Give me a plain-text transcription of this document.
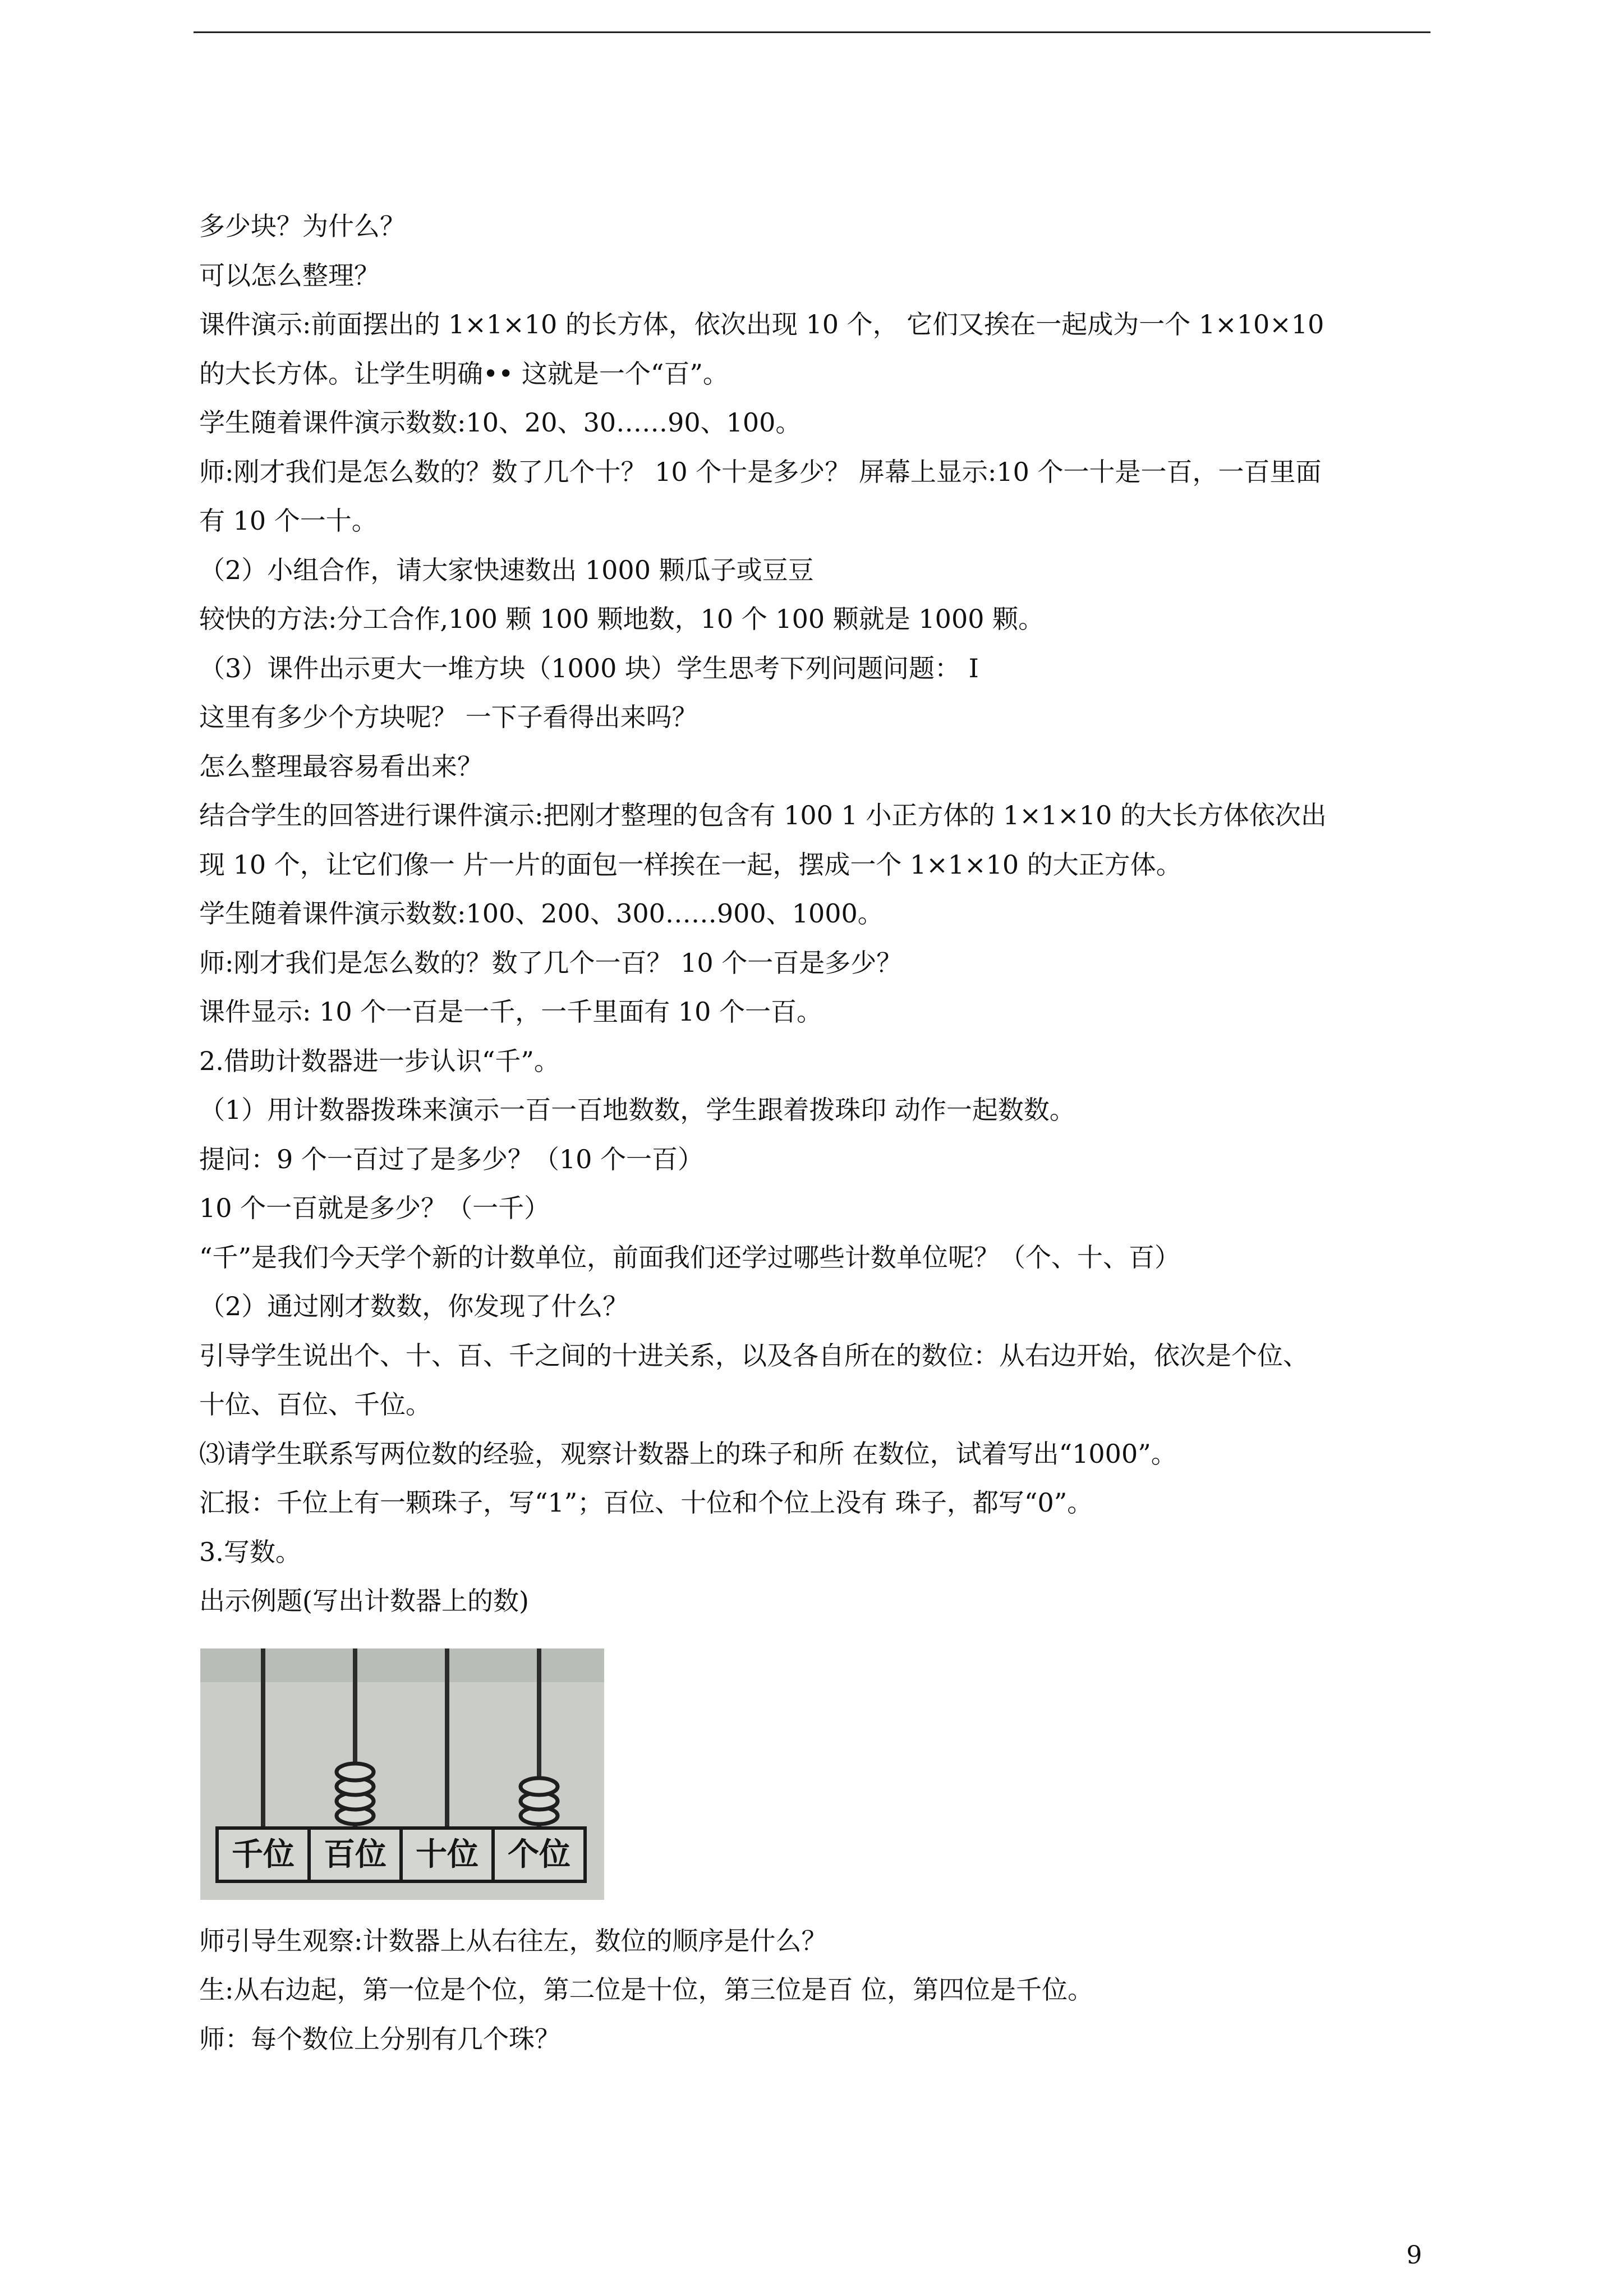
多少块？为什么？

可以怎么整理？

课件演示:前面摆出的 1×1×10 的长方体，依次出现 10 个， 它们又挨在一起成为一个 1×10×10

的大长方体。让学生明确•• 这就是一个“百”。

学生随着课件演示数数:10、20、30……90、100。

师:刚才我们是怎么数的？数了几个十？ 10 个十是多少？ 屏幕上显示:10 个一十是一百，一百里面

有 10 个一十。

（2）小组合作，请大家快速数出 1000 颗瓜子或豆豆

较快的方法:分工合作,100 颗 100 颗地数，10 个 100 颗就是 1000 颗。

（3）课件出示更大一堆方块（1000 块）学生思考下列问题问题： I

这里有多少个方块呢？ 一下子看得出来吗？

怎么整理最容易看出来？

结合学生的回答进行课件演示:把刚才整理的包含有 100 1 小正方体的 1×1×10 的大长方体依次出

现 10 个，让它们像一 片一片的面包一样挨在一起，摆成一个 1×1×10 的大正方体。

学生随着课件演示数数:100、200、300……900、1000。

师:刚才我们是怎么数的？数了几个一百？ 10 个一百是多少？

课件显示: 10 个一百是一千，一千里面有 10 个一百。

2.借助计数器进一步认识“千”。

（1）用计数器拨珠来演示一百一百地数数，学生跟着拨珠印 动作一起数数。

提问：9 个一百过了是多少？（10 个一百）

10 个一百就是多少？（一千）

“千”是我们今天学个新的计数单位，前面我们还学过哪些计数单位呢？（个、十、百）

（2）通过刚才数数，你发现了什么？

引导学生说出个、十、百、千之间的十进关系，以及各自所在的数位：从右边开始，依次是个位、

十位、百位、千位。

⑶请学生联系写两位数的经验，观察计数器上的珠子和所 在数位，试着写出“1000”。

汇报：千位上有一颗珠子，写“1”；百位、十位和个位上没有 珠子，都写“0”。

3.写数。

出示例题(写出计数器上的数)

千位 百位 十位 个位

师引导生观察:计数器上从右往左，数位的顺序是什么？

生:从右边起，第一位是个位，第二位是十位，第三位是百 位，第四位是千位。

师：每个数位上分别有几个珠？

9
